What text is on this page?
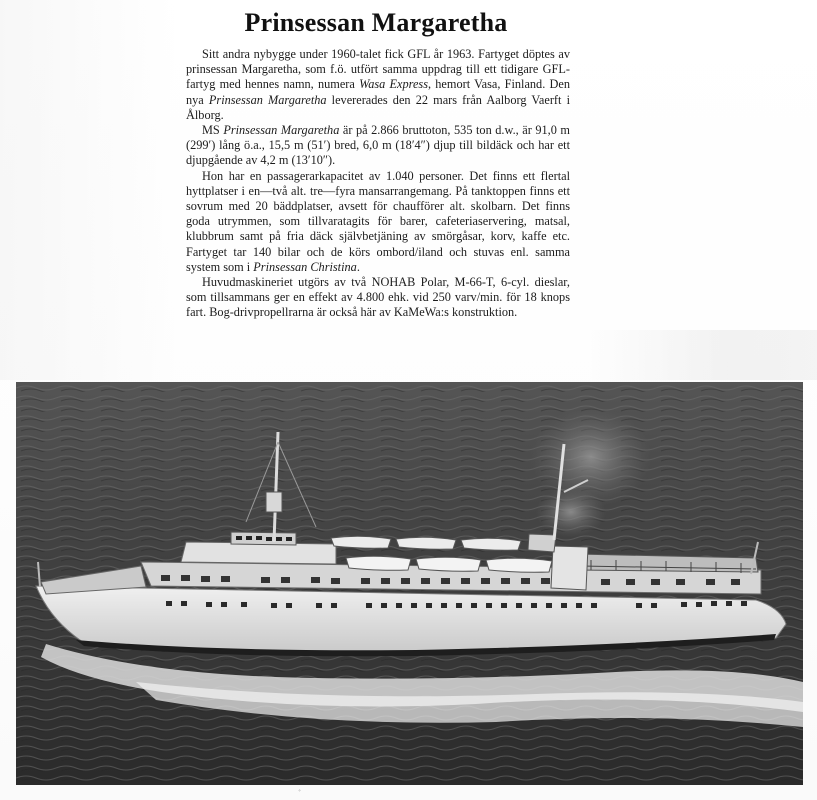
Prinsessan Margaretha

Sitt andra nybygge under 1960-talet fick GFL år 1963. Fartyget döptes av prinsessan Margaretha, som f.ö. utfört samma uppdrag till ett tidigare GFL-fartyg med hennes namn, numera Wasa Express, hemort Vasa, Finland. Den nya Prinsessan Margaretha levererades den 22 mars från Aalborg Vaerft i Ålborg.

MS Prinsessan Margaretha är på 2.866 bruttoton, 535 ton d.w., är 91,0 m (299′) lång ö.a., 15,5 m (51′) bred, 6,0 m (18′4″) djup till bildäck och har ett djupgående av 4,2 m (13′10″).

Hon har en passagerarkapacitet av 1.040 personer. Det finns ett flertal hyttplatser i en—två alt. tre—fyra mansarrangemang. På tanktoppen finns ett sovrum med 20 bäddplatser, avsett för chaufförer alt. skolbarn. Det finns goda utrymmen, som tillvaratagits för barer, cafeteriaservering, matsal, klubbrum samt på fria däck självbetjäning av smörgåsar, korv, kaffe etc. Fartyget tar 140 bilar och de körs ombord/iland och stuvas enl. samma system som i Prinsessan Christina.

Huvudmaskineriet utgörs av två NOHAB Polar, M-66-T, 6-cyl. dieslar, som tillsammans ger en effekt av 4.800 ehk. vid 250 varv/min. för 18 knops fart. Bog-drivpropellrarna är också här av KaMeWa:s konstruktion.

ﾞ
